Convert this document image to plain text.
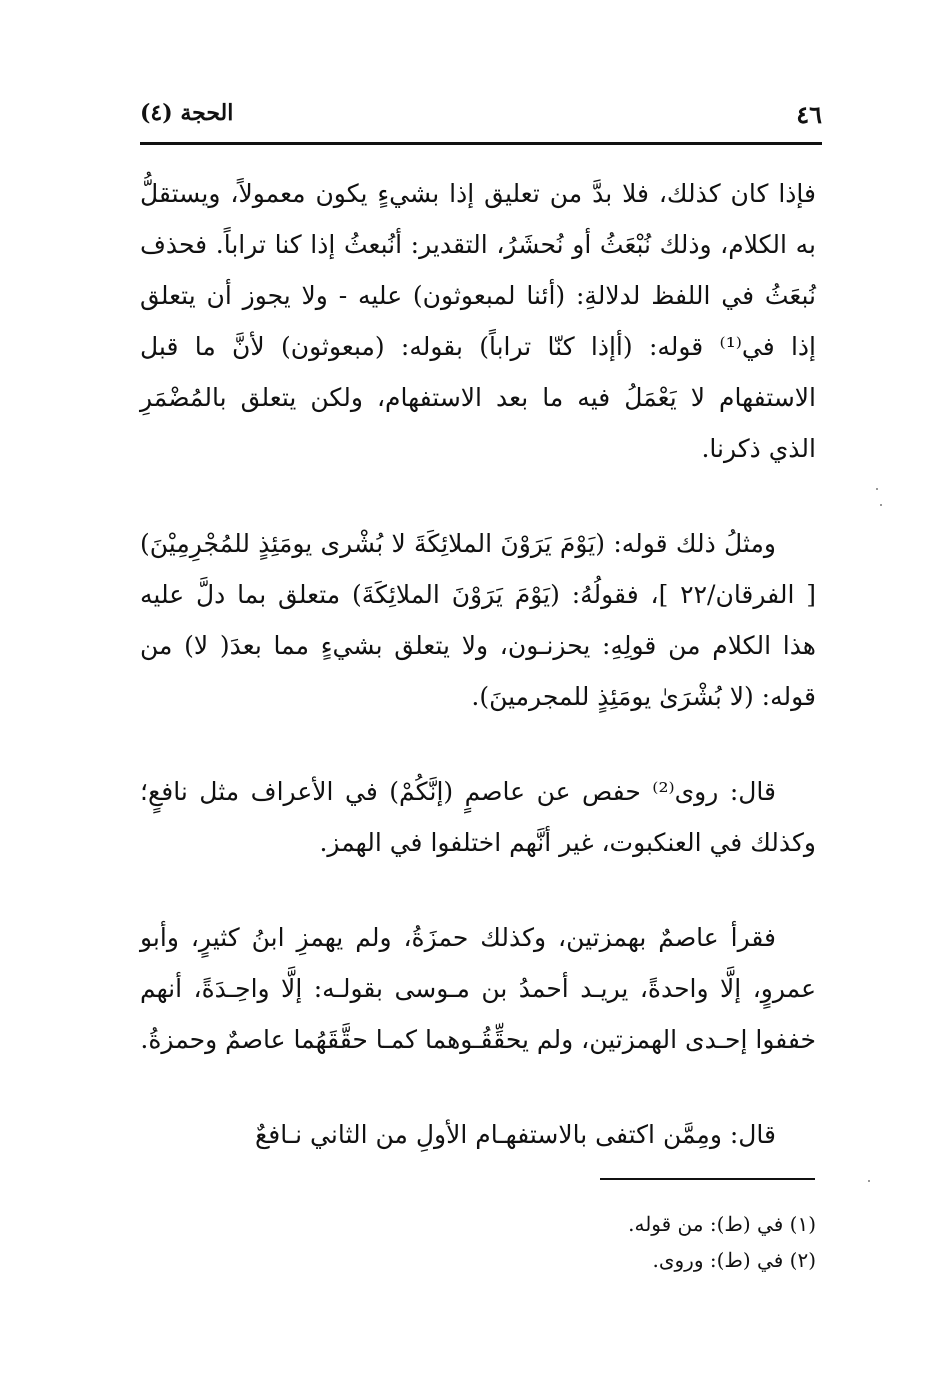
٤٦
الحجة (٤)

فإذا كان كذلك، فلا بدَّ من تعليق إذا بشيءٍ يكون معمولاً، ويستقلُّ به الكلام، وذلك نُبْعَثُ أو نُحشَرُ، التقدير: أنُبعثُ إذا كنا تراباً. فحذف نُبعَثُ في اللفظ لدلالةِ: (أئنا لمبعوثون) عليه - ولا يجوز أن يتعلق إذا في⁽¹⁾ قوله: (أإذا كنّا تراباً) بقوله: (مبعوثون) لأنَّ ما قبل الاستفهام لا يَعْمَلُ فيه ما بعد الاستفهام، ولكن يتعلق بالمُضْمَرِ الذي ذكرنا.

ومثلُ ذلك قوله: (يَوْمَ يَرَوْنَ الملائِكَةَ لا بُشْرى يومَئِذٍ للمُجْرِمِيْنَ) [ الفرقان/٢٢ ]، فقولُهُ: (يَوْمَ يَرَوْنَ الملائِكَةَ) متعلق بما دلَّ عليه هذا الكلام من قولِهِ: يحزنـون، ولا يتعلق بشيءٍ مما بعدَ( لا) من قوله: (لا بُشْرَىٰ يومَئِذٍ للمجرمينَ).

قال: روى⁽²⁾ حفص عن عاصمٍ (إنَّكُمْ) في الأعراف مثل نافعٍ؛ وكذلك في العنكبوت، غير أنَّهم اختلفوا في الهمز.

فقرأ عاصمٌ بهمزتين، وكذلك حمزَةُ، ولم يهمزِ ابنُ كثيرٍ، وأبو عمروٍ، إلَّا واحدةً، يريـد أحمدُ بن مـوسى بقولـه: إلَّا واحِـدَةً، أنهم خففوا إحـدى الهمزتين، ولم يحقِّقُـوهما كمـا حقَّقَهُما عاصمٌ وحمزةُ.

قال: ومِمَّن اكتفى بالاستفهـام الأولِ من الثاني نـافعٌ

(١) في (ط): من قوله.

(٢) في (ط): وروى.
